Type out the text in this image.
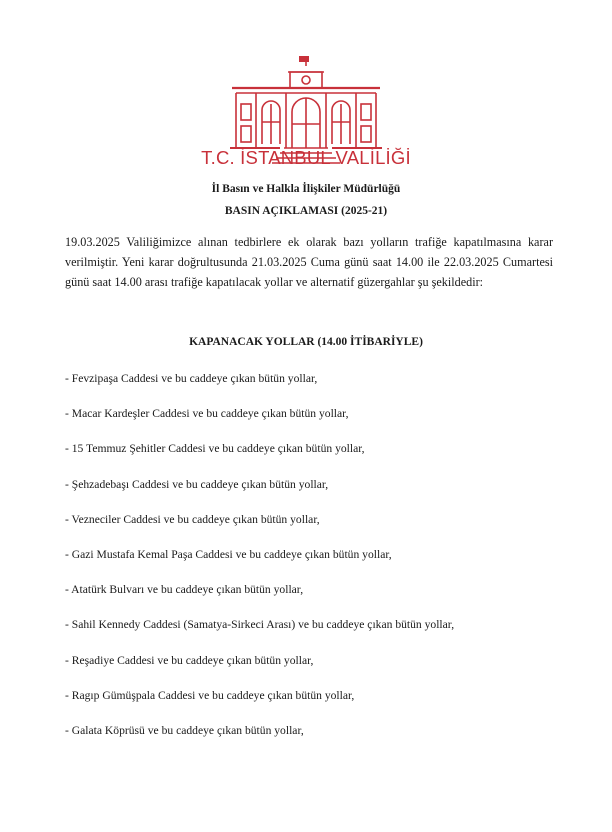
T.C. İSTANBUL VALİLİĞİ
İl Basın ve Halkla İlişkiler Müdürlüğü
BASIN AÇIKLAMASI (2025-21)

19.03.2025 Valiliğimizce alınan tedbirlere ek olarak bazı yolların trafiğe kapatılmasına karar verilmiştir. Yeni karar doğrultusunda 21.03.2025 Cuma günü saat 14.00 ile 22.03.2025 Cumartesi günü saat 14.00 arası trafiğe kapatılacak yollar ve alternatif güzergahlar şu şekildedir:

KAPANACAK YOLLAR (14.00 İTİBARİYLE)
- Fevzipaşa Caddesi ve bu caddeye çıkan bütün yollar,
- Macar Kardeşler Caddesi ve bu caddeye çıkan bütün yollar,
- 15 Temmuz Şehitler Caddesi ve bu caddeye çıkan bütün yollar,
- Şehzadebaşı Caddesi ve bu caddeye çıkan bütün yollar,
- Vezneciler Caddesi ve bu caddeye çıkan bütün yollar,
- Gazi Mustafa Kemal Paşa Caddesi ve bu caddeye çıkan bütün yollar,
- Atatürk Bulvarı ve bu caddeye çıkan bütün yollar,
- Sahil Kennedy Caddesi (Samatya-Sirkeci Arası) ve bu caddeye çıkan bütün yollar,
- Reşadiye Caddesi ve bu caddeye çıkan bütün yollar,
- Ragıp Gümüşpala Caddesi ve bu caddeye çıkan bütün yollar,
- Galata Köprüsü ve bu caddeye çıkan bütün yollar,
